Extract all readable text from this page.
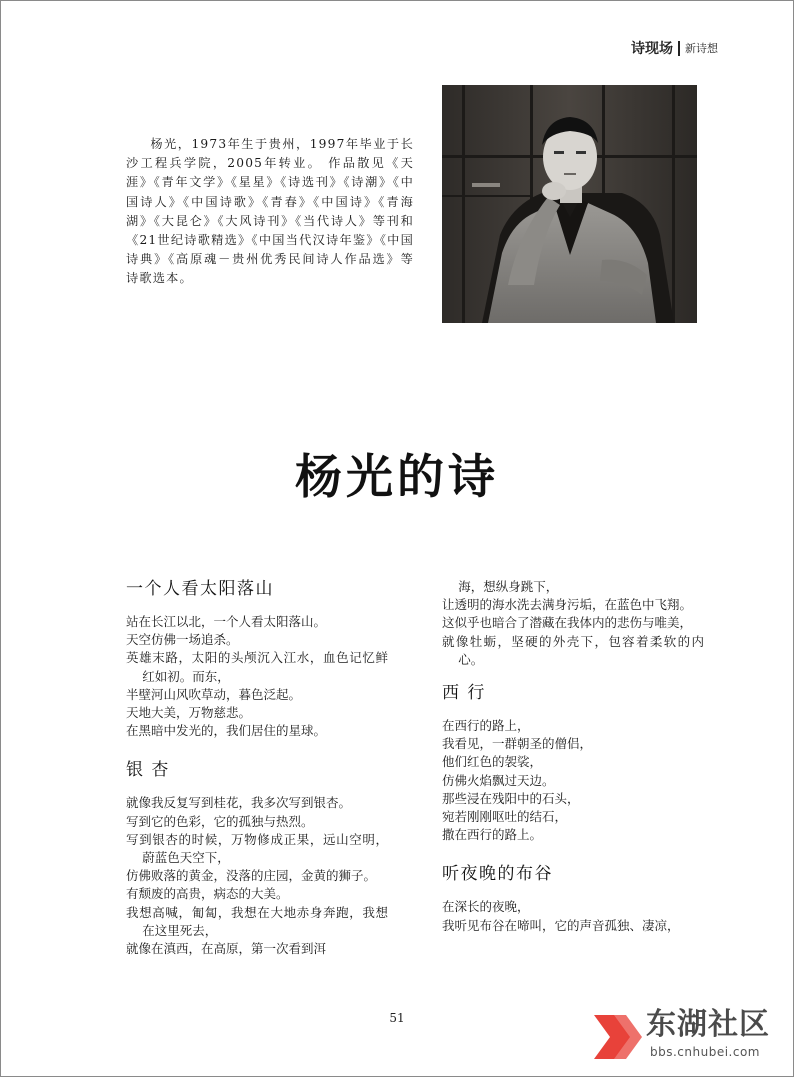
诗现场 新诗想

杨光，1973年生于贵州，1997年毕业于长沙工程兵学院，2005年转业。 作品散见《天涯》《青年文学》《星星》《诗选刊》《诗潮》《中国诗人》《中国诗歌》《青春》《中国诗》《青海湖》《大昆仑》《大风诗刊》《当代诗人》等刊和《21世纪诗歌精选》《中国当代汉诗年鉴》《中国诗典》《高原魂－贵州优秀民间诗人作品选》等诗歌选本。

杨光的诗
一个人看太阳落山

站在长江以北，一个人看太阳落山。

天空仿佛一场追杀。

英雄末路，太阳的头颅沉入江水，血色记忆鲜红如初。而东，

半壁河山风吹草动，暮色泛起。

天地大美，万物慈悲。

在黑暗中发光的，我们居住的星球。

银 杏

就像我反复写到桂花，我多次写到银杏。

写到它的色彩，它的孤独与热烈。

写到银杏的时候，万物修成正果，远山空明，蔚蓝色天空下，

仿佛败落的黄金，没落的庄园，金黄的狮子。

有颓废的高贵，病态的大美。

我想高喊，匍匐，我想在大地赤身奔跑，我想在这里死去，

就像在滇西，在高原，第一次看到洱

海，想纵身跳下，

让透明的海水洗去满身污垢，在蓝色中飞翔。

这似乎也暗合了潜藏在我体内的悲伤与唯美，

就像牡蛎，坚硬的外壳下，包容着柔软的内心。

西 行

在西行的路上，

我看见，一群朝圣的僧侣，

他们红色的袈裟，

仿佛火焰飘过天边。

那些浸在残阳中的石头，

宛若刚刚呕吐的结石，

撒在西行的路上。

听夜晚的布谷

在深长的夜晚，

我听见布谷在啼叫，它的声音孤独、凄凉，

51	东湖社区
bbs.cnhubei.com
